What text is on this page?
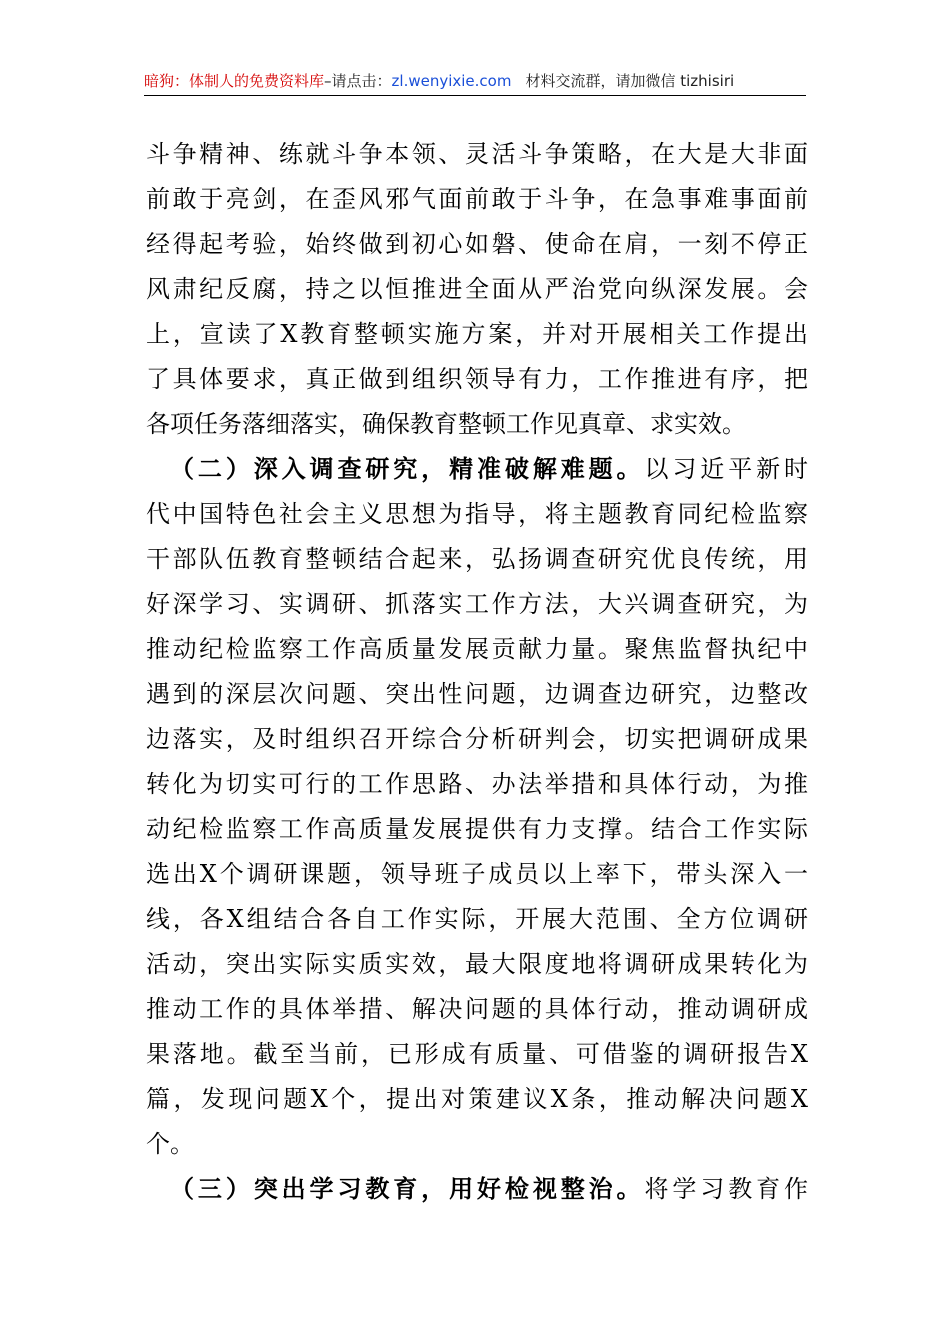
暗狗：体制人的免费资料库–请点击：zl.wenyixie.com 材料交流群，请加微信 tizhisiri
斗争精神、练就斗争本领、灵活斗争策略，在大是大非面
前敢于亮剑，在歪风邪气面前敢于斗争，在急事难事面前
经得起考验，始终做到初心如磐、使命在肩，一刻不停正
风肃纪反腐，持之以恒推进全面从严治党向纵深发展。会
上，宣读了X教育整顿实施方案，并对开展相关工作提出
了具体要求，真正做到组织领导有力，工作推进有序，把
各项任务落细落实，确保教育整顿工作见真章、求实效。
（二）深入调查研究，精准破解难题。以习近平新时
代中国特色社会主义思想为指导，将主题教育同纪检监察
干部队伍教育整顿结合起来，弘扬调查研究优良传统，用
好深学习、实调研、抓落实工作方法，大兴调查研究，为
推动纪检监察工作高质量发展贡献力量。聚焦监督执纪中
遇到的深层次问题、突出性问题，边调查边研究，边整改
边落实，及时组织召开综合分析研判会，切实把调研成果
转化为切实可行的工作思路、办法举措和具体行动，为推
动纪检监察工作高质量发展提供有力支撑。结合工作实际
选出X个调研课题，领导班子成员以上率下，带头深入一
线，各X组结合各自工作实际，开展大范围、全方位调研
活动，突出实际实质实效，最大限度地将调研成果转化为
推动工作的具体举措、解决问题的具体行动，推动调研成
果落地。截至当前，已形成有质量、可借鉴的调研报告X
篇，发现问题X个，提出对策建议X条，推动解决问题X
个。
（三）突出学习教育，用好检视整治。将学习教育作
